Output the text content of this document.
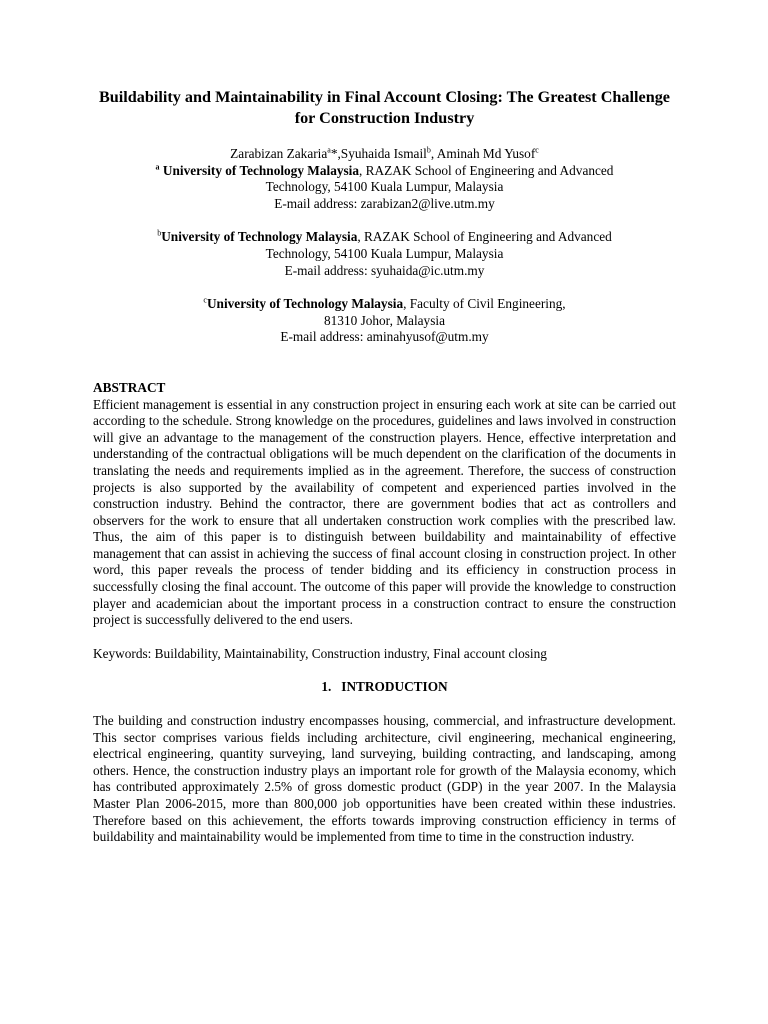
Buildability and Maintainability in Final Account Closing: The Greatest Challenge for Construction Industry
Zarabizan Zakaria$^a$*,Syuhaida Ismail$^b$, Aminah Md Yusof$^c$
$^a$ University of Technology Malaysia, RAZAK School of Engineering and Advanced
Technology, 54100 Kuala Lumpur, Malaysia
E-mail address: zarabizan2@live.utm.my
$^b$University of Technology Malaysia, RAZAK School of Engineering and Advanced
Technology, 54100 Kuala Lumpur, Malaysia
E-mail address: syuhaida@ic.utm.my
$^c$University of Technology Malaysia, Faculty of Civil Engineering,
81310 Johor, Malaysia
E-mail address: aminahyusof@utm.my
ABSTRACT
Efficient management is essential in any construction project in ensuring each work at site can be carried out according to the schedule. Strong knowledge on the procedures, guidelines and laws involved in construction will give an advantage to the management of the construction players. Hence, effective interpretation and understanding of the contractual obligations will be much dependent on the clarification of the documents in translating the needs and requirements implied as in the agreement. Therefore, the success of construction projects is also supported by the availability of competent and experienced parties involved in the construction industry. Behind the contractor, there are government bodies that act as controllers and observers for the work to ensure that all undertaken construction work complies with the prescribed law. Thus, the aim of this paper is to distinguish between buildability and maintainability of effective management that can assist in achieving the success of final account closing in construction project. In other word, this paper reveals the process of tender bidding and its efficiency in construction process in successfully closing the final account. The outcome of this paper will provide the knowledge to construction player and academician about the important process in a construction contract to ensure the construction project is successfully delivered to the end users.
Keywords: Buildability, Maintainability, Construction industry, Final account closing
1.   INTRODUCTION
The building and construction industry encompasses housing, commercial, and infrastructure development. This sector comprises various fields including architecture, civil engineering, mechanical engineering, electrical engineering, quantity surveying, land surveying, building contracting, and landscaping, among others. Hence, the construction industry plays an important role for growth of the Malaysia economy, which has contributed approximately 2.5% of gross domestic product (GDP) in the year 2007. In the Malaysia Master Plan 2006-2015, more than 800,000 job opportunities have been created within these industries. Therefore based on this achievement, the efforts towards improving construction efficiency in terms of buildability and maintainability would be implemented from time to time in the construction industry.
